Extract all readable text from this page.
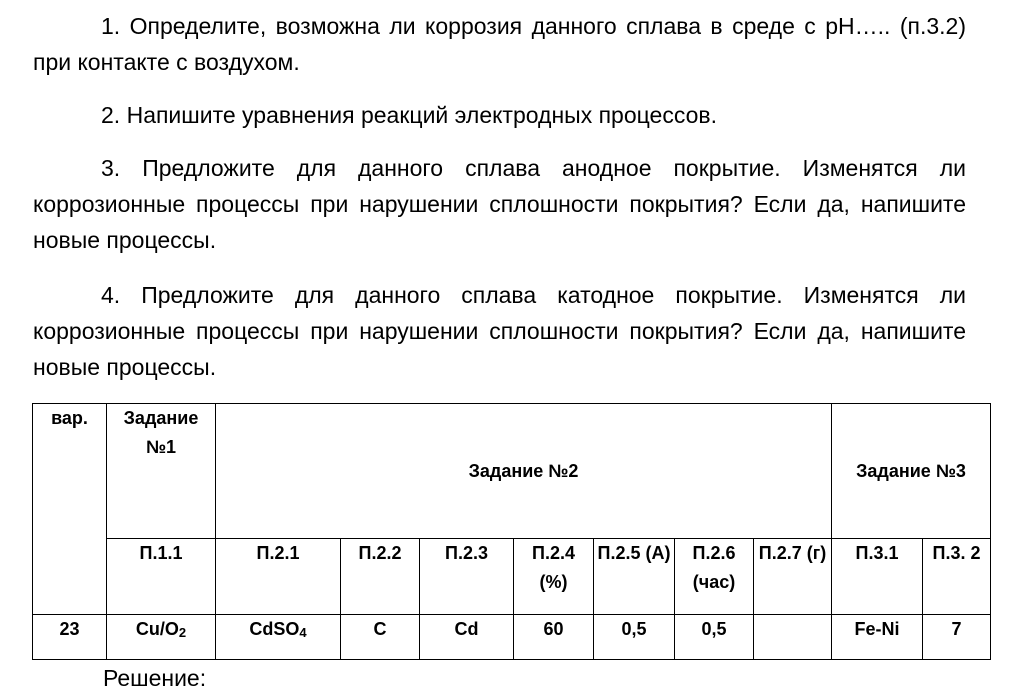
1. Определите, возможна ли коррозия данного сплава в среде с рН….. (п.3.2) при контакте с воздухом.

2. Напишите уравнения реакций электродных процессов.

3. Предложите для данного сплава анодное покрытие. Изменятся ли коррозионные процессы при нарушении сплошности покрытия? Если да, напишите новые процессы.

4. Предложите для данного сплава катодное покрытие. Изменятся ли коррозионные процессы при нарушении сплошности покрытия? Если да, напишите новые процессы.

вар.	Задание №1	Задание №2							Задание №3	
	П.1.1	П.2.1	П.2.2	П.2.3	П.2.4 (%)	П.2.5 (А)	П.2.6 (час)	П.2.7 (г)	П.3.1	П.3. 2
23	Cu/O2	CdSO4	C	Cd	60	0,5	0,5		Fe-Ni	7

Решение:
